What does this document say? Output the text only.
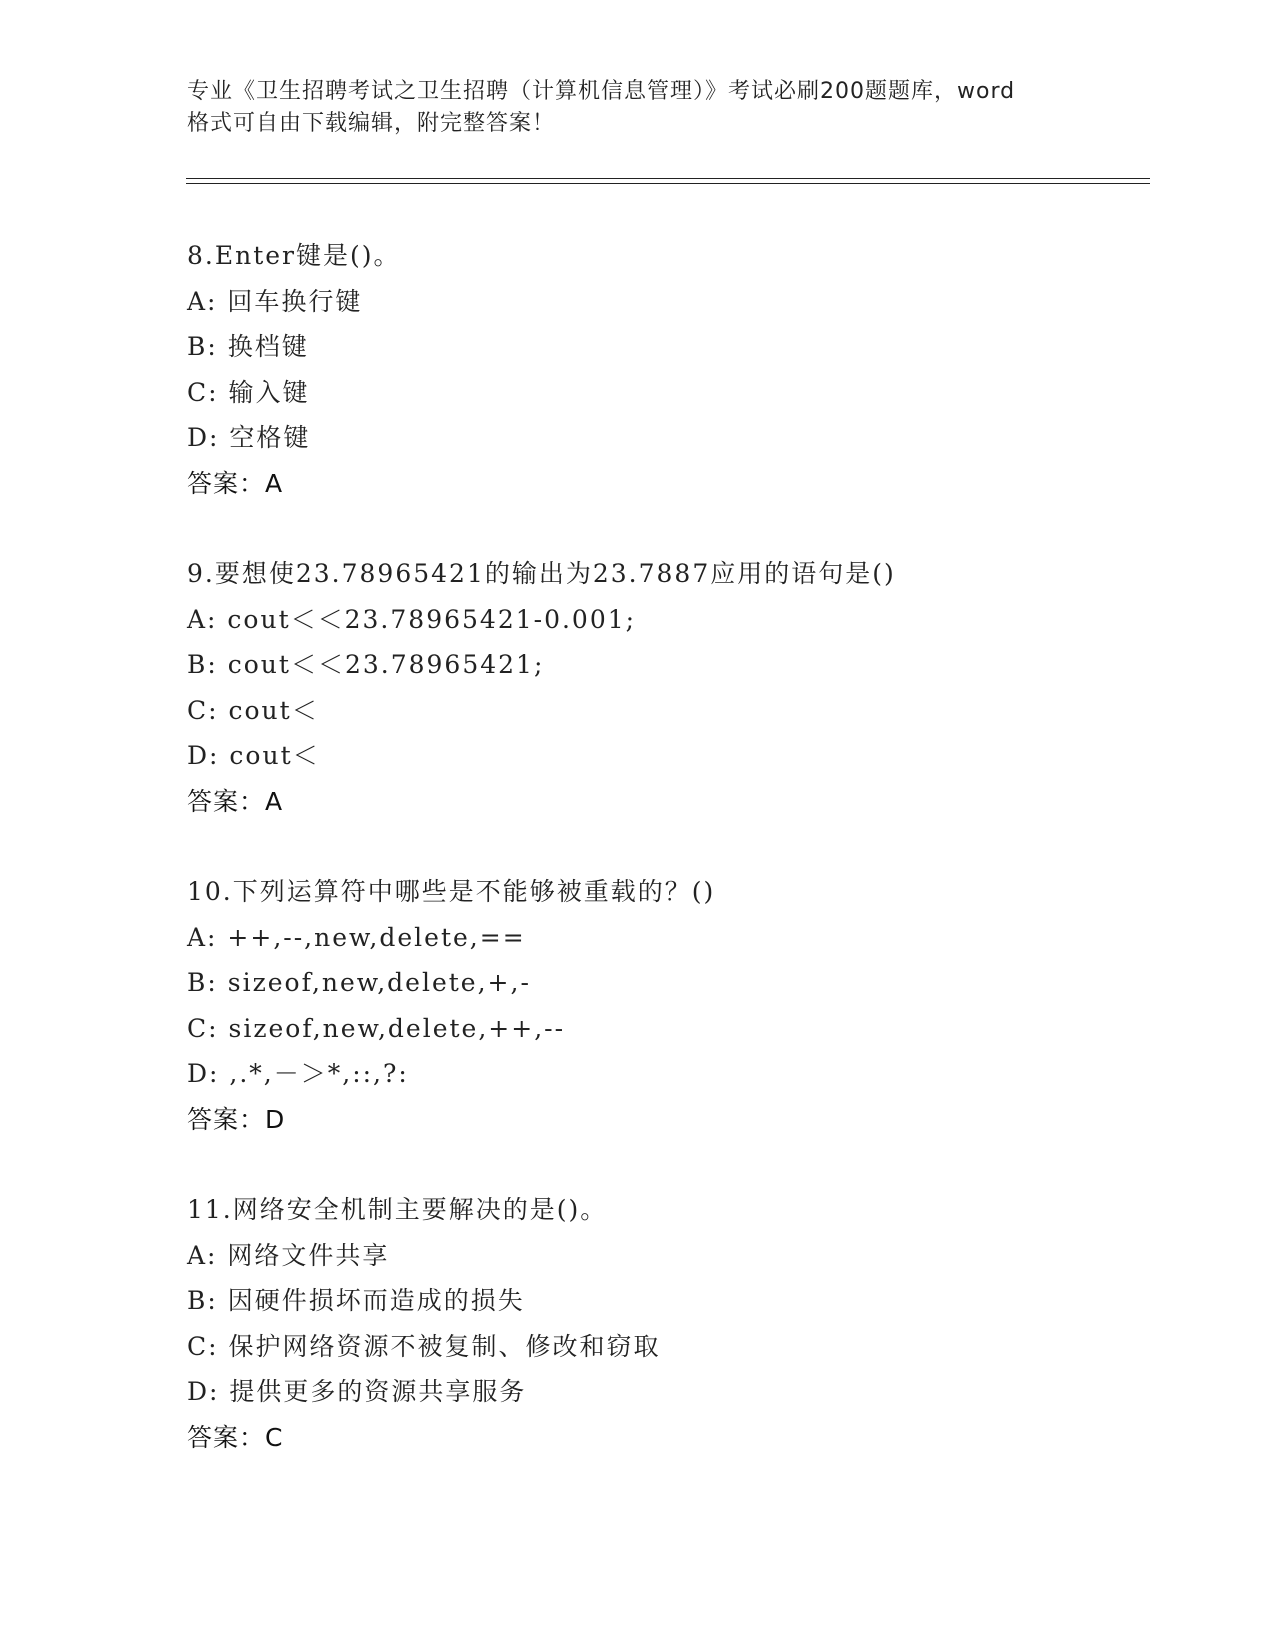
专业《卫生招聘考试之卫生招聘（计算机信息管理）》考试必刷200题题库，word
格式可自由下载编辑，附完整答案！
8.Enter键是()。
A: 回车换行键
B: 换档键
C: 输入键
D: 空格键
答案：A
9.要想使23.78965421的输出为23.7887应用的语句是()
A: cout＜＜23.78965421-0.001;
B: cout＜＜23.78965421;
C: cout＜
D: cout＜
答案：A
10.下列运算符中哪些是不能够被重载的？()
A: ++,--,new,delete,==
B: sizeof,new,delete,+,-
C: sizeof,new,delete,++,--
D: ,.*,－＞*,::,?:
答案：D
11.网络安全机制主要解决的是()。
A: 网络文件共享
B: 因硬件损坏而造成的损失
C: 保护网络资源不被复制、修改和窃取
D: 提供更多的资源共享服务
答案：C
